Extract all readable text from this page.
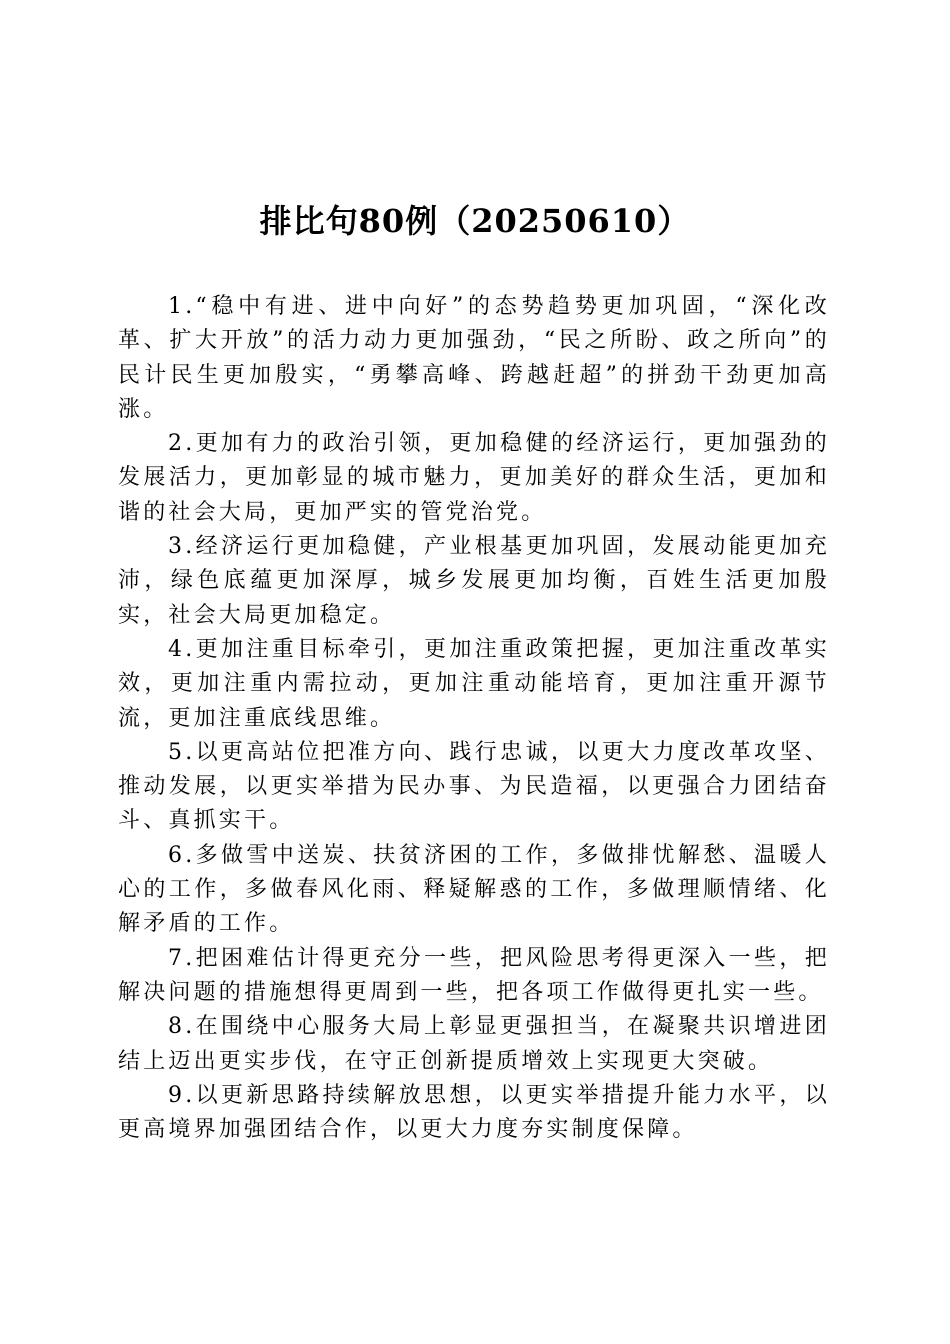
排比句80例（20250610）

1.“稳中有进、进中向好”的态势趋势更加巩固，“深化改革、扩大开放”的活力动力更加强劲，“民之所盼、政之所向”的民计民生更加殷实，“勇攀高峰、跨越赶超”的拼劲干劲更加高涨。

2.更加有力的政治引领，更加稳健的经济运行，更加强劲的发展活力，更加彰显的城市魅力，更加美好的群众生活，更加和谐的社会大局，更加严实的管党治党。

3.经济运行更加稳健，产业根基更加巩固，发展动能更加充沛，绿色底蕴更加深厚，城乡发展更加均衡，百姓生活更加殷实，社会大局更加稳定。

4.更加注重目标牵引，更加注重政策把握，更加注重改革实效，更加注重内需拉动，更加注重动能培育，更加注重开源节流，更加注重底线思维。

5.以更高站位把准方向、践行忠诚，以更大力度改革攻坚、推动发展，以更实举措为民办事、为民造福，以更强合力团结奋斗、真抓实干。

6.多做雪中送炭、扶贫济困的工作，多做排忧解愁、温暖人心的工作，多做春风化雨、释疑解惑的工作，多做理顺情绪、化解矛盾的工作。

7.把困难估计得更充分一些，把风险思考得更深入一些，把解决问题的措施想得更周到一些，把各项工作做得更扎实一些。

8.在围绕中心服务大局上彰显更强担当，在凝聚共识增进团结上迈出更实步伐，在守正创新提质增效上实现更大突破。

9.以更新思路持续解放思想，以更实举措提升能力水平，以更高境界加强团结合作，以更大力度夯实制度保障。
